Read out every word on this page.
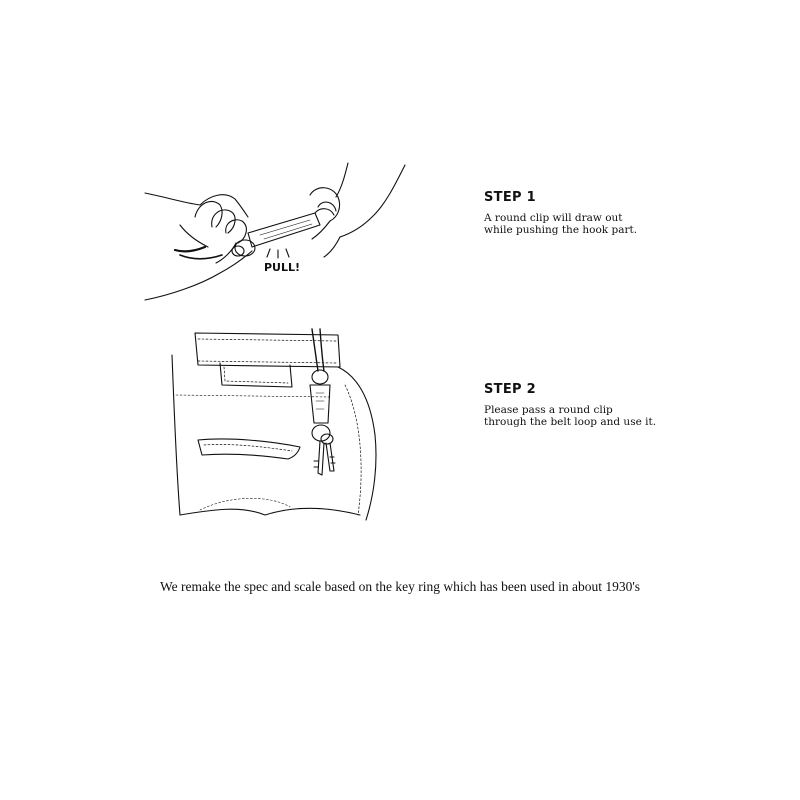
PULL!
STEP 1

A round clip will draw out
while pushing the hook part.

STEP 2

Please pass a round clip
through the belt loop and use it.

We remake the spec and scale based on the key ring which has been used in about 1930's
